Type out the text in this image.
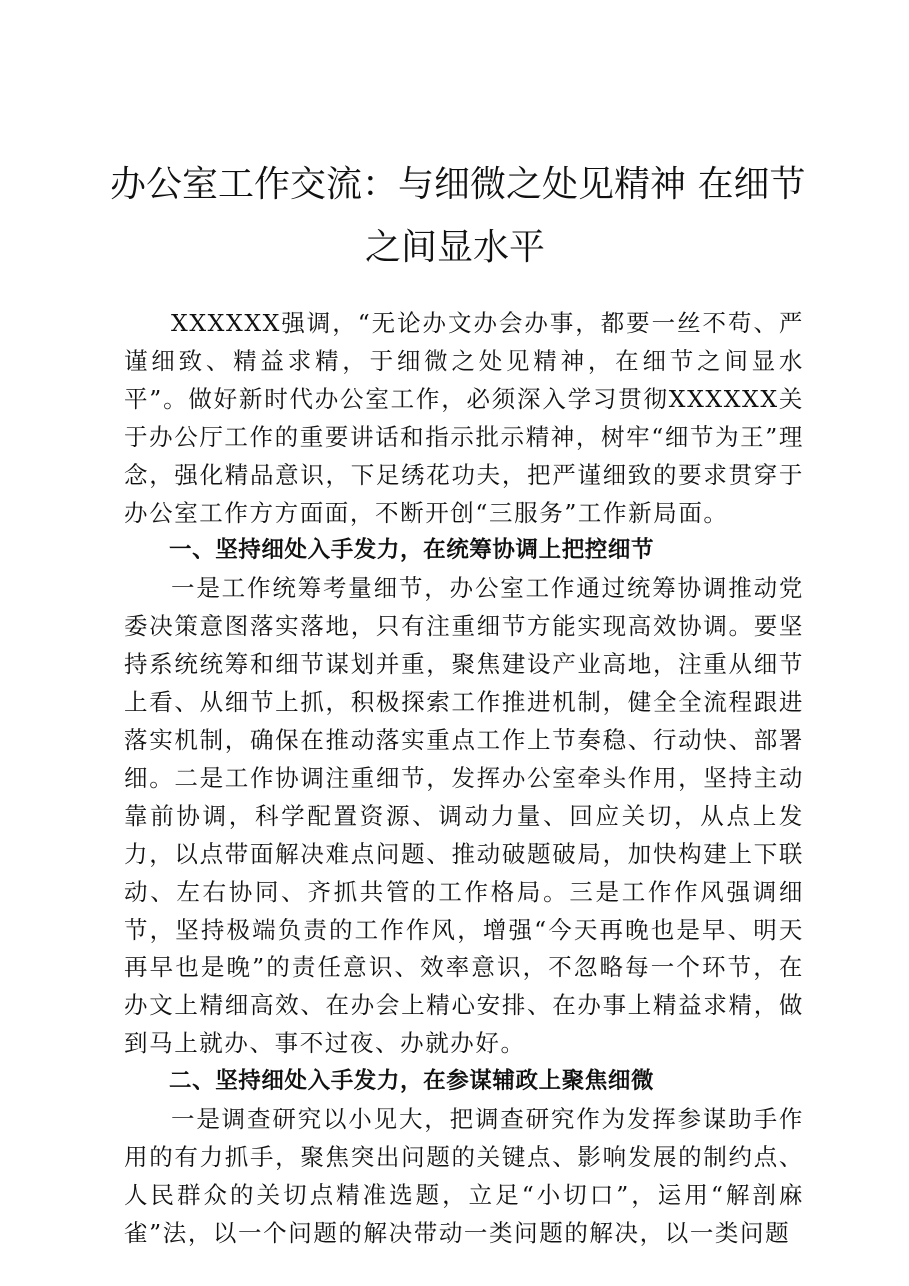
办公室工作交流：与细微之处见精神 在细节
之间显水平

XXXXXX强调，“无论办文办会办事，都要一丝不苟、严谨细致、精益求精，于细微之处见精神，在细节之间显水平”。做好新时代办公室工作，必须深入学习贯彻XXXXXX关于办公厅工作的重要讲话和指示批示精神，树牢“细节为王”理念，强化精品意识，下足绣花功夫，把严谨细致的要求贯穿于办公室工作方方面面，不断开创“三服务”工作新局面。

一、坚持细处入手发力，在统筹协调上把控细节

一是工作统筹考量细节，办公室工作通过统筹协调推动党委决策意图落实落地，只有注重细节方能实现高效协调。要坚持系统统筹和细节谋划并重，聚焦建设产业高地，注重从细节上看、从细节上抓，积极探索工作推进机制，健全全流程跟进落实机制，确保在推动落实重点工作上节奏稳、行动快、部署细。二是工作协调注重细节，发挥办公室牵头作用，坚持主动靠前协调，科学配置资源、调动力量、回应关切，从点上发力，以点带面解决难点问题、推动破题破局，加快构建上下联动、左右协同、齐抓共管的工作格局。三是工作作风强调细节，坚持极端负责的工作作风，增强“今天再晚也是早、明天再早也是晚”的责任意识、效率意识，不忽略每一个环节，在办文上精细高效、在办会上精心安排、在办事上精益求精，做到马上就办、事不过夜、办就办好。

二、坚持细处入手发力，在参谋辅政上聚焦细微

一是调查研究以小见大，把调查研究作为发挥参谋助手作用的有力抓手，聚焦突出问题的关键点、影响发展的制约点、人民群众的关切点精准选题，立足“小切口”，运用“解剖麻雀”法，以一个问题的解决带动一类问题的解决，以一类问题
